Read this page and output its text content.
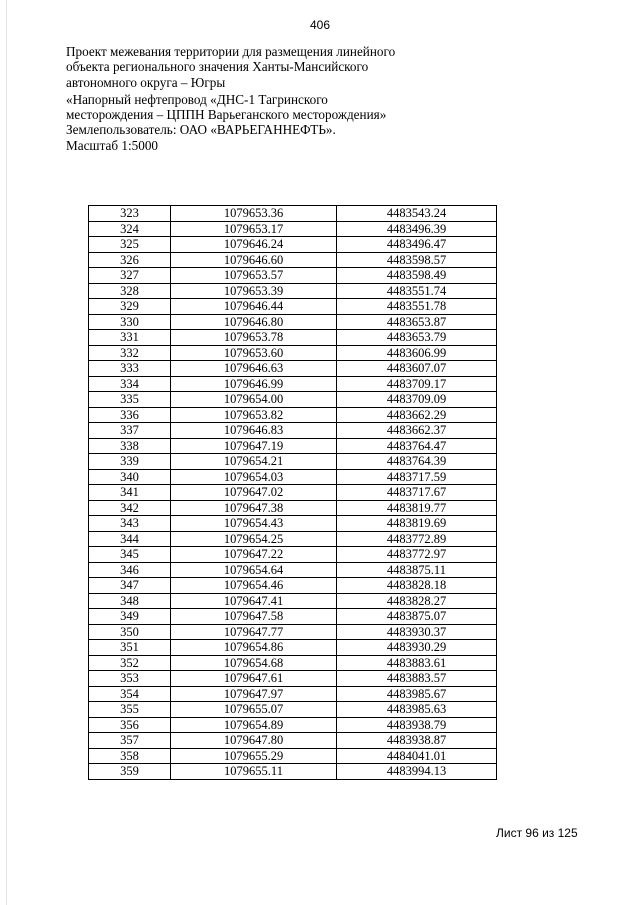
406
Проект межевания территории для размещения линейного объекта регионального значения Ханты-Мансийского автономного округа – Югры
«Напорный нефтепровод «ДНС-1 Тагринского месторождения – ЦППН Варьеганского месторождения»
Землепользователь: ОАО «ВАРЬЕГАННЕФТЬ».
Масштаб 1:5000
323	1079653.36	4483543.24
324	1079653.17	4483496.39
325	1079646.24	4483496.47
326	1079646.60	4483598.57
327	1079653.57	4483598.49
328	1079653.39	4483551.74
329	1079646.44	4483551.78
330	1079646.80	4483653.87
331	1079653.78	4483653.79
332	1079653.60	4483606.99
333	1079646.63	4483607.07
334	1079646.99	4483709.17
335	1079654.00	4483709.09
336	1079653.82	4483662.29
337	1079646.83	4483662.37
338	1079647.19	4483764.47
339	1079654.21	4483764.39
340	1079654.03	4483717.59
341	1079647.02	4483717.67
342	1079647.38	4483819.77
343	1079654.43	4483819.69
344	1079654.25	4483772.89
345	1079647.22	4483772.97
346	1079654.64	4483875.11
347	1079654.46	4483828.18
348	1079647.41	4483828.27
349	1079647.58	4483875.07
350	1079647.77	4483930.37
351	1079654.86	4483930.29
352	1079654.68	4483883.61
353	1079647.61	4483883.57
354	1079647.97	4483985.67
355	1079655.07	4483985.63
356	1079654.89	4483938.79
357	1079647.80	4483938.87
358	1079655.29	4484041.01
359	1079655.11	4483994.13
Лист 96 из 125
